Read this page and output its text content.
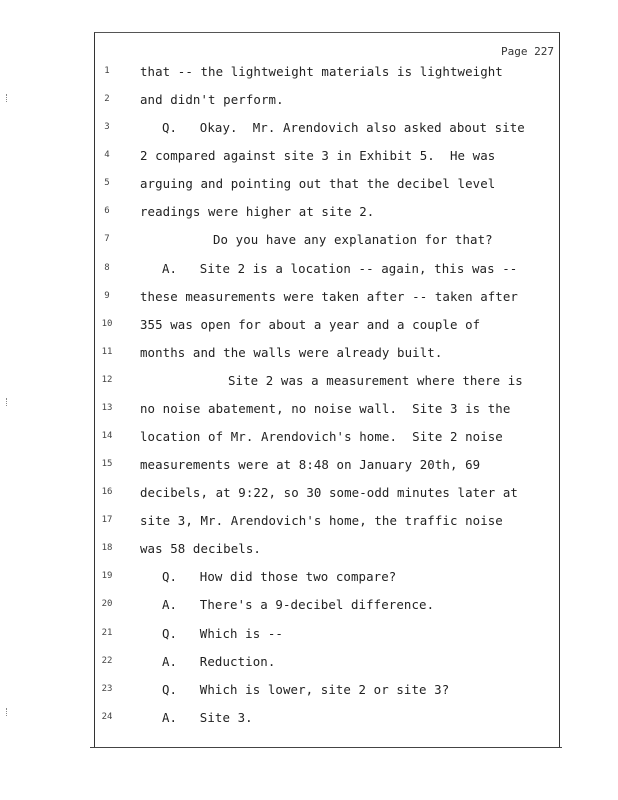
Page 227
1	that -- the lightweight materials is lightweight
2	and didn't perform.
3	Q.   Okay.  Mr. Arendovich also asked about site
4	2 compared against site 3 in Exhibit 5.  He was
5	arguing and pointing out that the decibel level
6	readings were higher at site 2.
7	Do you have any explanation for that?
8	A.   Site 2 is a location -- again, this was --
9	these measurements were taken after -- taken after
10 355 was open for about a year and a couple of
11 months and the walls were already built.
12	Site 2 was a measurement where there is
13 no noise abatement, no noise wall.  Site 3 is the
14 location of Mr. Arendovich's home.  Site 2 noise
15 measurements were at 8:48 on January 20th, 69
16 decibels, at 9:22, so 30 some-odd minutes later at
17 site 3, Mr. Arendovich's home, the traffic noise
18 was 58 decibels.
19	Q.   How did those two compare?
20	A.   There's a 9-decibel difference.
21	Q.   Which is --
22	A.   Reduction.
23	Q.   Which is lower, site 2 or site 3?
24	A.   Site 3.
